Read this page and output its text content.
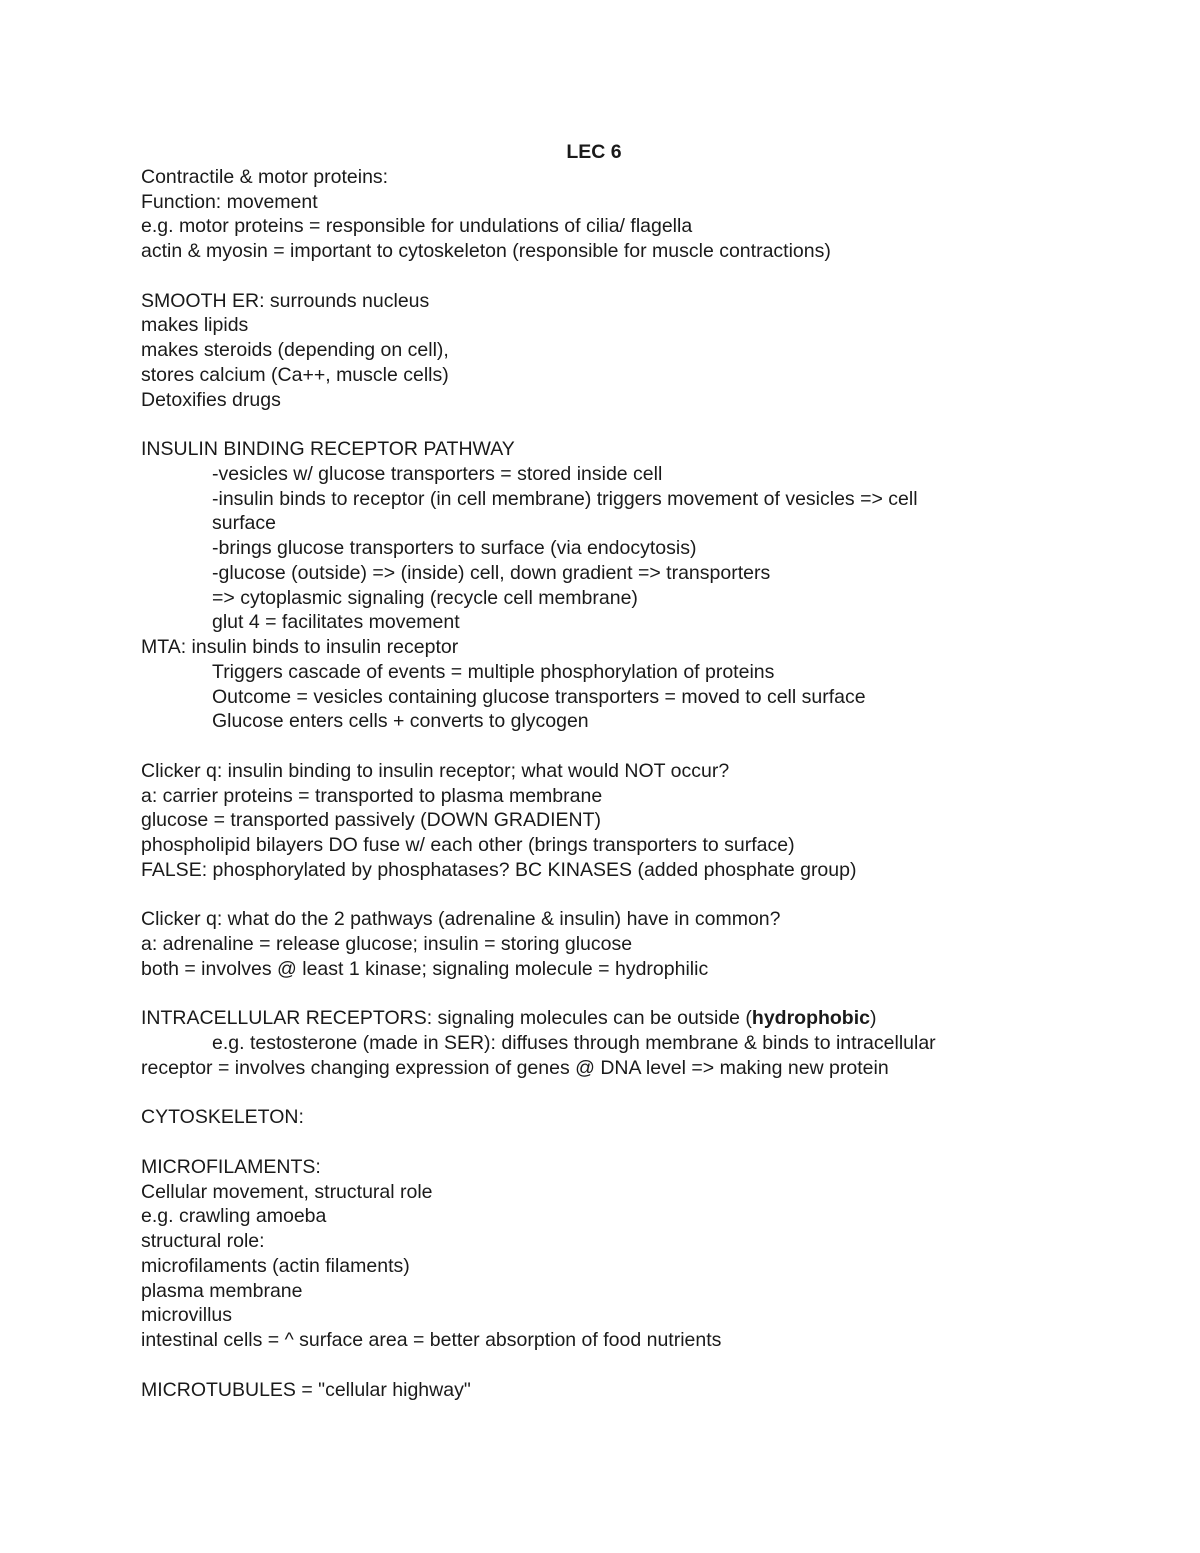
LEC 6
Contractile & motor proteins:
Function: movement
e.g. motor proteins = responsible for undulations of cilia/ flagella
actin & myosin = important to cytoskeleton (responsible for muscle contractions)
SMOOTH ER: surrounds nucleus
makes lipids
makes steroids (depending on cell),
stores calcium (Ca++, muscle cells)
Detoxifies drugs
INSULIN BINDING RECEPTOR PATHWAY
-vesicles w/ glucose transporters = stored inside cell
-insulin binds to receptor (in cell membrane) triggers movement of vesicles => cell
surface
-brings glucose transporters to surface (via endocytosis)
-glucose (outside) => (inside) cell, down gradient => transporters
=> cytoplasmic signaling (recycle cell membrane)
glut 4 = facilitates movement
MTA: insulin binds to insulin receptor
Triggers cascade of events = multiple phosphorylation of proteins
Outcome = vesicles containing glucose transporters = moved to cell surface
Glucose enters cells + converts to glycogen
Clicker q: insulin binding to insulin receptor; what would NOT occur?
a: carrier proteins = transported to plasma membrane
glucose = transported passively (DOWN GRADIENT)
phospholipid bilayers DO fuse w/ each other (brings transporters to surface)
FALSE: phosphorylated by phosphatases? BC KINASES (added phosphate group)
Clicker q: what do the 2 pathways (adrenaline & insulin) have in common?
a: adrenaline = release glucose; insulin = storing glucose
both = involves @ least 1 kinase; signaling molecule = hydrophilic
INTRACELLULAR RECEPTORS: signaling molecules can be outside (hydrophobic)
e.g. testosterone (made in SER): diffuses through membrane & binds to intracellular
receptor = involves changing expression of genes @ DNA level => making new protein
CYTOSKELETON:
MICROFILAMENTS:
Cellular movement, structural role
e.g. crawling amoeba
structural role:
microfilaments (actin filaments)
plasma membrane
microvillus
intestinal cells = ^ surface area = better absorption of food nutrients
MICROTUBULES = "cellular highway"
